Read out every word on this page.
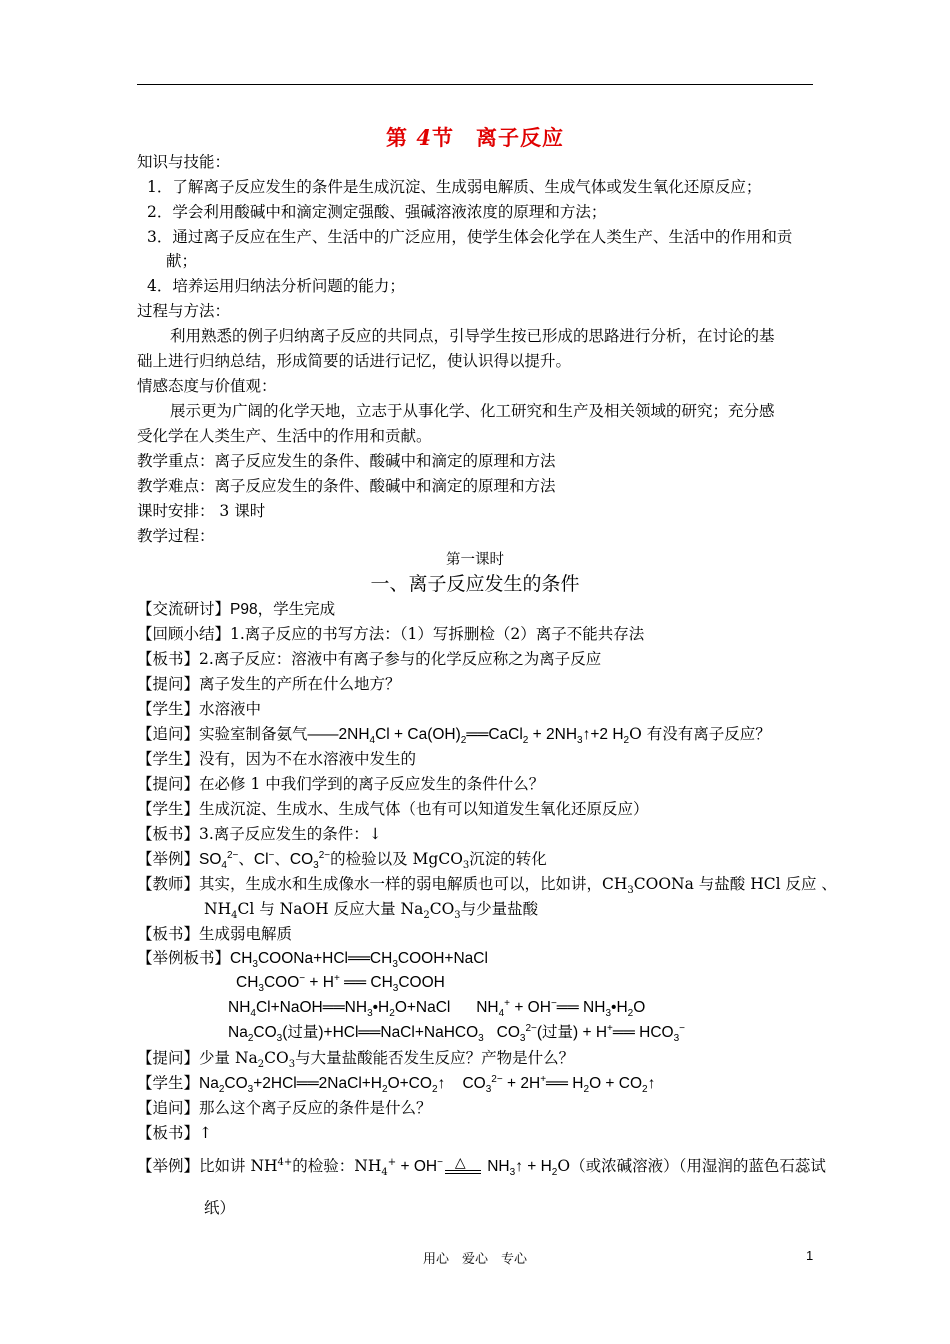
第 4节　离子反应
知识与技能：
1．了解离子反应发生的条件是生成沉淀、生成弱电解质、生成气体或发生氧化还原反应；
2．学会利用酸碱中和滴定测定强酸、强碱溶液浓度的原理和方法；
3．通过离子反应在生产、生活中的广泛应用，使学生体会化学在人类生产、生活中的作用和贡
献；
4．培养运用归纳法分析问题的能力；
过程与方法：
利用熟悉的例子归纳离子反应的共同点，引导学生按已形成的思路进行分析，在讨论的基
础上进行归纳总结，形成简要的话进行记忆，使认识得以提升。
情感态度与价值观：
展示更为广阔的化学天地，立志于从事化学、化工研究和生产及相关领域的研究；充分感
受化学在人类生产、生活中的作用和贡献。
教学重点：离子反应发生的条件、酸碱中和滴定的原理和方法
教学难点：离子反应发生的条件、酸碱中和滴定的原理和方法
课时安排： 3 课时
教学过程：
第一课时
一、离子反应发生的条件
【交流研讨】P98，学生完成
【回顾小结】1.离子反应的书写方法：（1）写拆删检（2）离子不能共存法
【板书】2.离子反应：溶液中有离子参与的化学反应称之为离子反应
【提问】离子发生的产所在什么地方？
【学生】水溶液中
【追问】实验室制备氨气$——2NH_4Cl$ + $Ca(OH)_2══CaCl_2$ + $2NH_3↑+2$ $H_2O$ 有没有离子反应？
【学生】没有，因为不在水溶液中发生的
【提问】在必修 1 中我们学到的离子反应发生的条件什么？
【学生】生成沉淀、生成水、生成气体（也有可以知道发生氧化还原反应）
【板书】3.离子反应发生的条件：↓
【举例】$SO_4^{2-}$、Cl−、$CO_3^{2-}$的检验以及 MgCO$_3$沉淀的转化
【教师】其实，生成水和生成像水一样的弱电解质也可以，比如讲，$CH_3COONa$ 与盐酸 HCl 反应 、
$NH_4Cl$ 与 NaOH 反应大量 $Na_2CO_3$与少量盐酸
【板书】生成弱电解质
【举例板书】$CH_3COONa+HCl══CH_3COOH+NaCl$
$CH_3COO^- + H^+$ ══ $CH_3COOH$
$NH_4Cl+NaOH══NH_3•H_2O+NaCl$      $NH_4^+$ + OH−══ $NH_3•H_2O$
$Na_2CO_3$(过量)+HCl══NaCl+NaHCO$_3$   $CO_3^{2-}$(过量) + H+══ $HCO_3^-$
【提问】少量 $Na_2CO_3$与大量盐酸能否发生反应？产物是什么？
【学生】$Na_2CO_3+2HCl══2NaCl+H_2O+CO_2↑$    $CO_3^{2-}$ + 2H+══ $H_2O$ + $CO_2↑$
【追问】那么这个离子反应的条件是什么？
【板书】↑
【举例】比如讲 $NH^{4+}$的检验：$NH_4^+ + OH^-$ △ $NH_3↑ + H_2O$（或浓碱溶液）（用湿润的蓝色石蕊试
纸）
用心　爱心　专心	1
